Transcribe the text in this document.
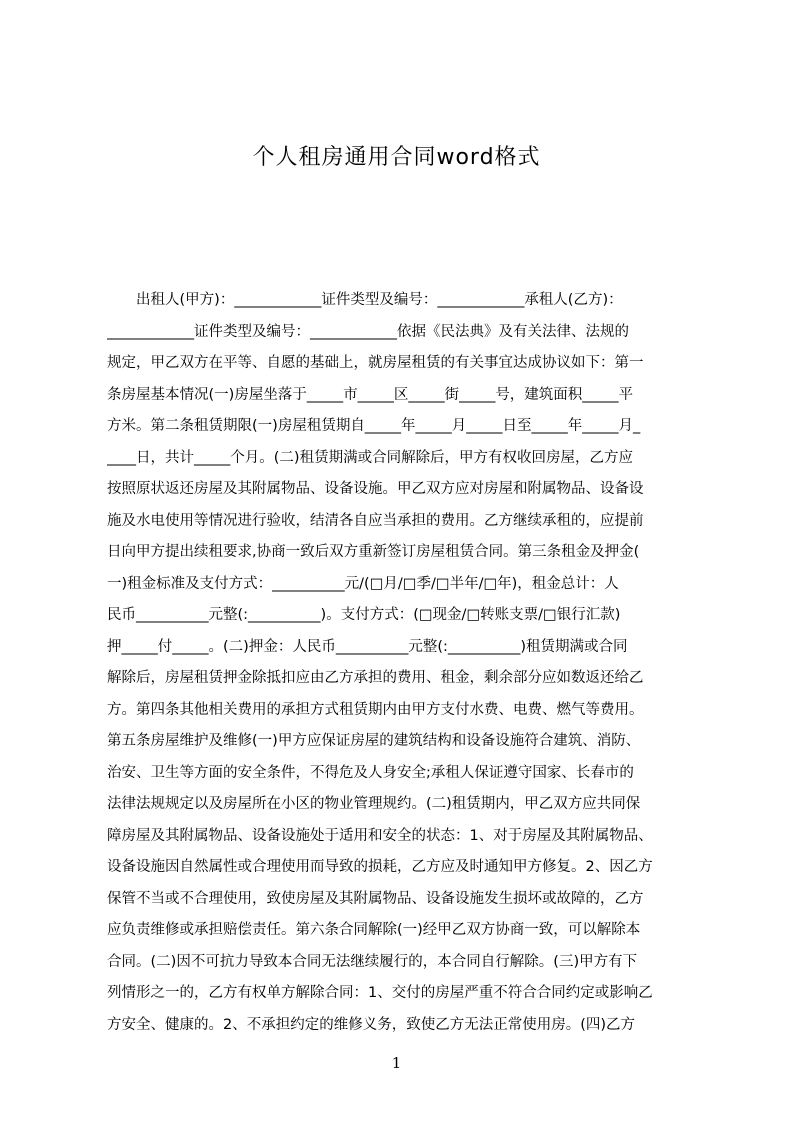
个人租房通用合同word格式
　　出租人(甲方)：____________证件类型及编号：____________承租人(乙方)：
____________证件类型及编号：____________依据《民法典》及有关法律、法规的
规定，甲乙双方在平等、自愿的基础上，就房屋租赁的有关事宜达成协议如下：第一
条房屋基本情况(一)房屋坐落于_____市_____区_____街_____号，建筑面积_____平
方米。第二条租赁期限(一)房屋租赁期自_____年_____月_____日至_____年_____月_
____日，共计_____个月。(二)租赁期满或合同解除后，甲方有权收回房屋，乙方应
按照原状返还房屋及其附属物品、设备设施。甲乙双方应对房屋和附属物品、设备设
施及水电使用等情况进行验收，结清各自应当承担的费用。乙方继续承租的，应提前
日向甲方提出续租要求,协商一致后双方重新签订房屋租赁合同。第三条租金及押金(
一)租金标准及支付方式：__________元/(□月/□季/□半年/□年)，租金总计：人
民币__________元整(:__________)。支付方式：(□现金/□转账支票/□银行汇款)
押_____付_____。(二)押金：人民币__________元整(:__________)租赁期满或合同
解除后，房屋租赁押金除抵扣应由乙方承担的费用、租金，剩余部分应如数返还给乙
方。第四条其他相关费用的承担方式租赁期内由甲方支付水费、电费、燃气等费用。
第五条房屋维护及维修(一)甲方应保证房屋的建筑结构和设备设施符合建筑、消防、
治安、卫生等方面的安全条件，不得危及人身安全;承租人保证遵守国家、长春市的
法律法规规定以及房屋所在小区的物业管理规约。(二)租赁期内，甲乙双方应共同保
障房屋及其附属物品、设备设施处于适用和安全的状态：1、对于房屋及其附属物品、
设备设施因自然属性或合理使用而导致的损耗，乙方应及时通知甲方修复。2、因乙方
保管不当或不合理使用，致使房屋及其附属物品、设备设施发生损坏或故障的，乙方
应负责维修或承担赔偿责任。第六条合同解除(一)经甲乙双方协商一致，可以解除本
合同。(二)因不可抗力导致本合同无法继续履行的，本合同自行解除。(三)甲方有下
列情形之一的，乙方有权单方解除合同：1、交付的房屋严重不符合合同约定或影响乙
方安全、健康的。2、不承担约定的维修义务，致使乙方无法正常使用房。(四)乙方
1
